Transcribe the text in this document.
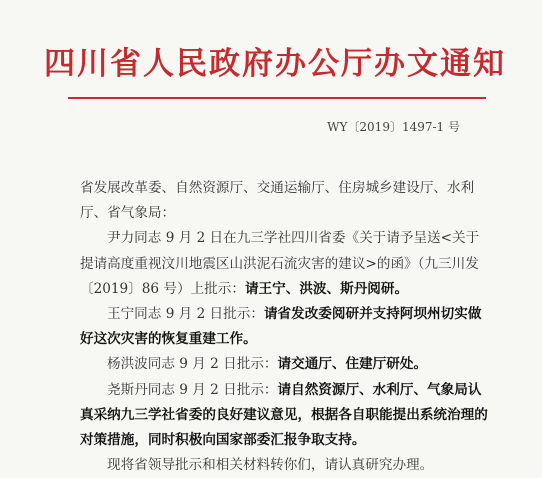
四川省人民政府办公厅办文通知
WY〔2019〕1497-1 号

省发展改革委、自然资源厅、交通运输厅、住房城乡建设厅、水利厅、省气象局：

尹力同志 9 月 2 日在九三学社四川省委《关于请予呈送<关于提请高度重视汶川地震区山洪泥石流灾害的建议>的函》（九三川发〔2019〕86 号）上批示：请王宁、洪波、斯丹阅研。

王宁同志 9 月 2 日批示：请省发改委阅研并支持阿坝州切实做好这次灾害的恢复重建工作。

杨洪波同志 9 月 2 日批示：请交通厅、住建厅研处。

尧斯丹同志 9 月 2 日批示：请自然资源厅、水利厅、气象局认真采纳九三学社省委的良好建议意见，根据各自职能提出系统治理的对策措施，同时积极向国家部委汇报争取支持。

现将省领导批示和相关材料转你们，请认真研究办理。
